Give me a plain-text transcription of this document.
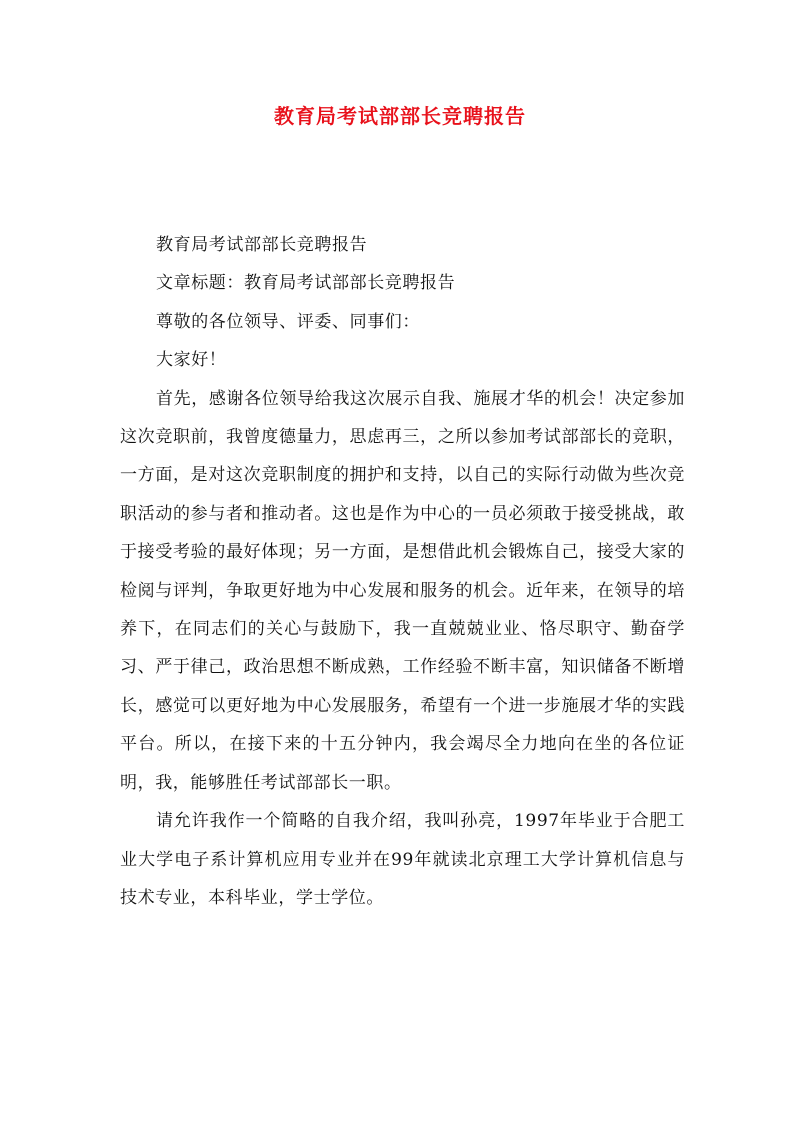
教育局考试部部长竞聘报告

教育局考试部部长竞聘报告

文章标题：教育局考试部部长竞聘报告

尊敬的各位领导、评委、同事们：

大家好！

首先，感谢各位领导给我这次展示自我、施展才华的机会！决定参加这次竞职前，我曾度德量力，思虑再三，之所以参加考试部部长的竞职，一方面，是对这次竞职制度的拥护和支持，以自己的实际行动做为些次竞职活动的参与者和推动者。这也是作为中心的一员必须敢于接受挑战，敢于接受考验的最好体现；另一方面，是想借此机会锻炼自己，接受大家的检阅与评判，争取更好地为中心发展和服务的机会。近年来，在领导的培养下，在同志们的关心与鼓励下，我一直兢兢业业、恪尽职守、勤奋学习、严于律己，政治思想不断成熟，工作经验不断丰富，知识储备不断增长，感觉可以更好地为中心发展服务，希望有一个进一步施展才华的实践平台。所以，在接下来的十五分钟内，我会竭尽全力地向在坐的各位证明，我，能够胜任考试部部长一职。

请允许我作一个简略的自我介绍，我叫孙亮，1997年毕业于合肥工业大学电子系计算机应用专业并在99年就读北京理工大学计算机信息与技术专业，本科毕业，学士学位。
